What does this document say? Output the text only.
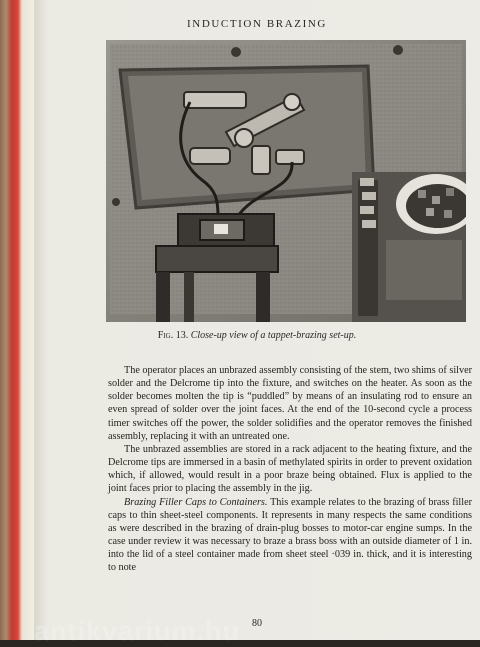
INDUCTION BRAZING
Fig. 13. Close-up view of a tappet-brazing set-up.

The operator places an unbrazed assembly consisting of the stem, two shims of silver solder and the Delcrome tip into the fixture, and switches on the heater. As soon as the solder becomes molten the tip is “puddled” by means of an insulating rod to ensure an even spread of solder over the joint faces. At the end of the 10-second cycle a process timer switches off the power, the solder solidifies and the operator removes the finished assembly, replacing it with an untreated one.

The unbrazed assemblies are stored in a rack adjacent to the heating fixture, and the Delcrome tips are immersed in a basin of methylated spirits in order to prevent oxidation which, if allowed, would result in a poor braze being obtained. Flux is applied to the joint faces prior to placing the assembly in the jig.

Brazing Filler Caps to Containers. This example relates to the brazing of brass filler caps to thin sheet-steel components. It represents in many respects the same conditions as were described in the brazing of drain-plug bosses to motor-car engine sumps. In the case under review it was necessary to braze a brass boss with an outside diameter of 1 in. into the lid of a steel container made from sheet steel ·039 in. thick, and it is interesting to note

80
antikvarium.hu
